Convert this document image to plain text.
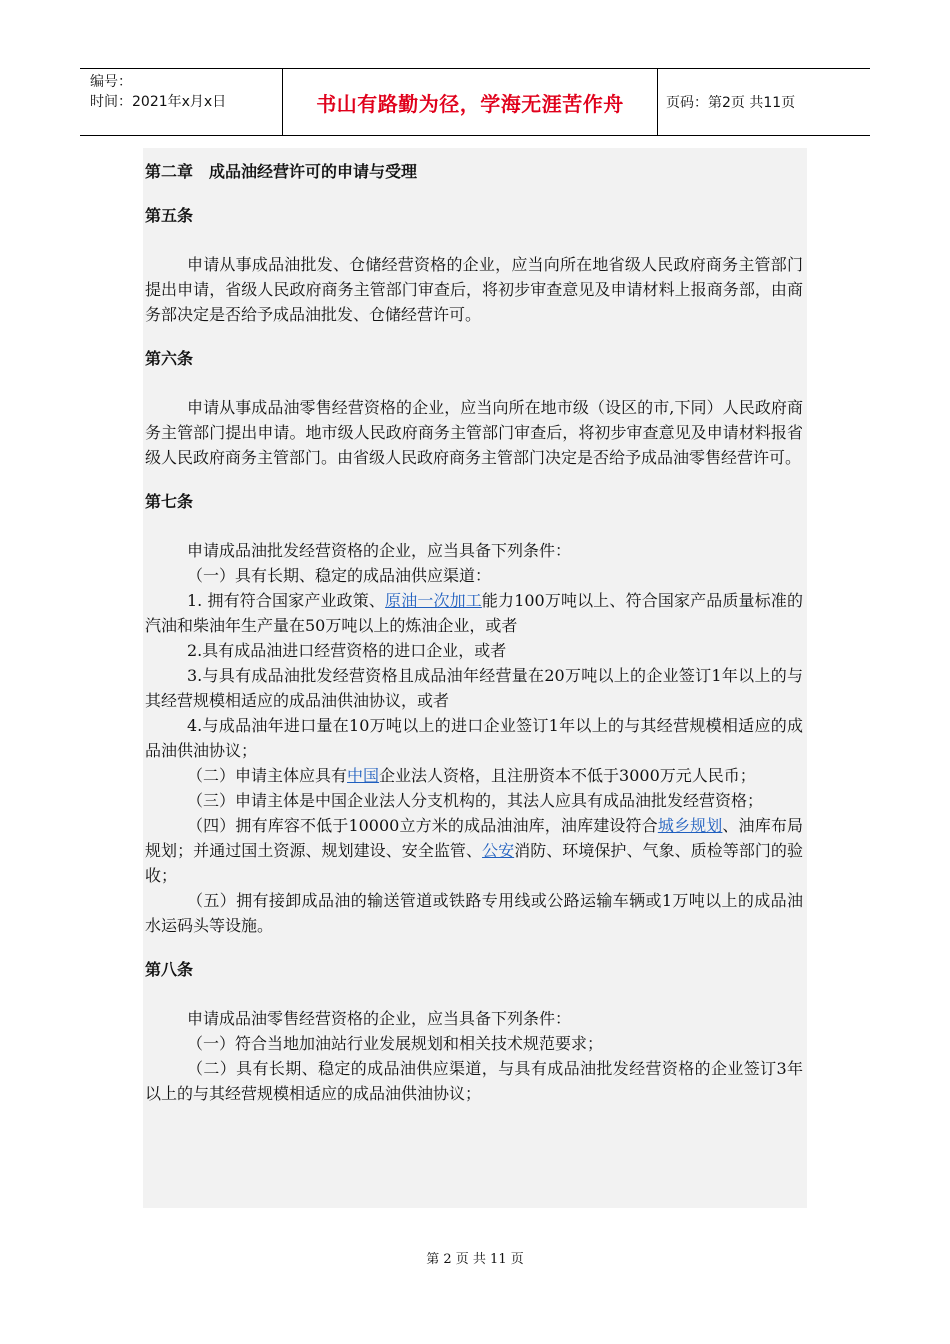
编号：
时间：2021年x月x日	书山有路勤为径，学海无涯苦作舟	页码：第2页 共11页
第二章　成品油经营许可的申请与受理
第五条

申请从事成品油批发、仓储经营资格的企业，应当向所在地省级人民政府商务主管部门提出申请，省级人民政府商务主管部门审查后，将初步审查意见及申请材料上报商务部，由商务部决定是否给予成品油批发、仓储经营许可。

第六条

申请从事成品油零售经营资格的企业，应当向所在地市级（设区的市,下同）人民政府商务主管部门提出申请。地市级人民政府商务主管部门审查后，将初步审查意见及申请材料报省级人民政府商务主管部门。由省级人民政府商务主管部门决定是否给予成品油零售经营许可。

第七条

申请成品油批发经营资格的企业，应当具备下列条件：

（一）具有长期、稳定的成品油供应渠道：

1. 拥有符合国家产业政策、原油一次加工能力100万吨以上、符合国家产品质量标准的汽油和柴油年生产量在50万吨以上的炼油企业，或者

2.具有成品油进口经营资格的进口企业，或者

3.与具有成品油批发经营资格且成品油年经营量在20万吨以上的企业签订1年以上的与其经营规模相适应的成品油供油协议，或者

4.与成品油年进口量在10万吨以上的进口企业签订1年以上的与其经营规模相适应的成品油供油协议；

（二）申请主体应具有中国企业法人资格，且注册资本不低于3000万元人民币；

（三）申请主体是中国企业法人分支机构的，其法人应具有成品油批发经营资格；

（四）拥有库容不低于10000立方米的成品油油库，油库建设符合城乡规划、油库布局规划；并通过国土资源、规划建设、安全监管、公安消防、环境保护、气象、质检等部门的验收；

（五）拥有接卸成品油的输送管道或铁路专用线或公路运输车辆或1万吨以上的成品油水运码头等设施。

第八条

申请成品油零售经营资格的企业，应当具备下列条件：

（一）符合当地加油站行业发展规划和相关技术规范要求；

（二）具有长期、稳定的成品油供应渠道，与具有成品油批发经营资格的企业签订3年以上的与其经营规模相适应的成品油供油协议；

第 2 页 共 11 页
